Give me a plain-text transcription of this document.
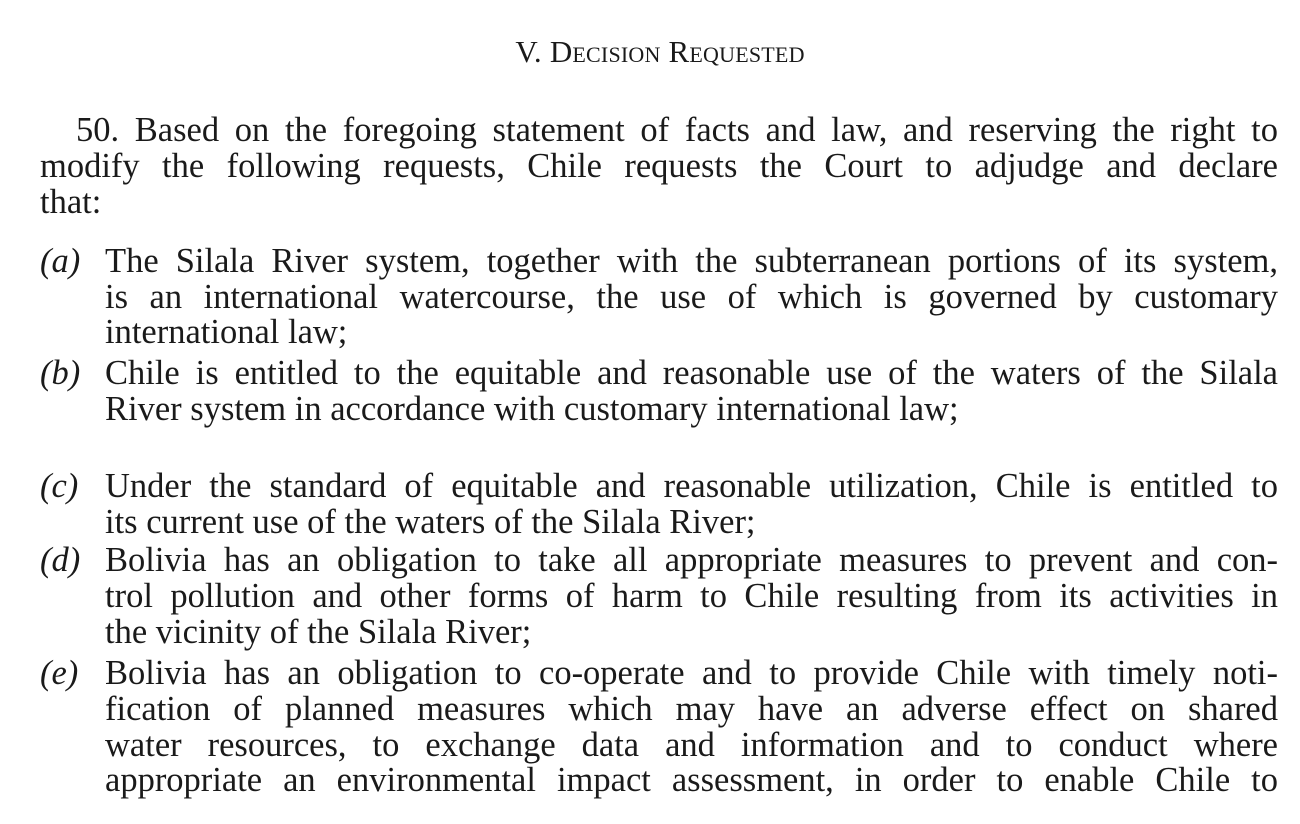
V. Decision Requested
50. Based on the foregoing statement of facts and law, and reserving the right to
modify the following requests, Chile requests the Court to adjudge and declare
that:
(a) The Silala River system, together with the subterranean portions of its system,
is an international watercourse, the use of which is governed by customary
international law;
(b) Chile is entitled to the equitable and reasonable use of the waters of the Silala
River system in accordance with customary international law;
(c) Under the standard of equitable and reasonable utilization, Chile is entitled to
its current use of the waters of the Silala River;
(d) Bolivia has an obligation to take all appropriate measures to prevent and con-
trol pollution and other forms of harm to Chile resulting from its activities in
the vicinity of the Silala River;
(e) Bolivia has an obligation to co-operate and to provide Chile with timely noti-
fication of planned measures which may have an adverse effect on shared
water resources, to exchange data and information and to conduct where
appropriate an environmental impact assessment, in order to enable Chile to
